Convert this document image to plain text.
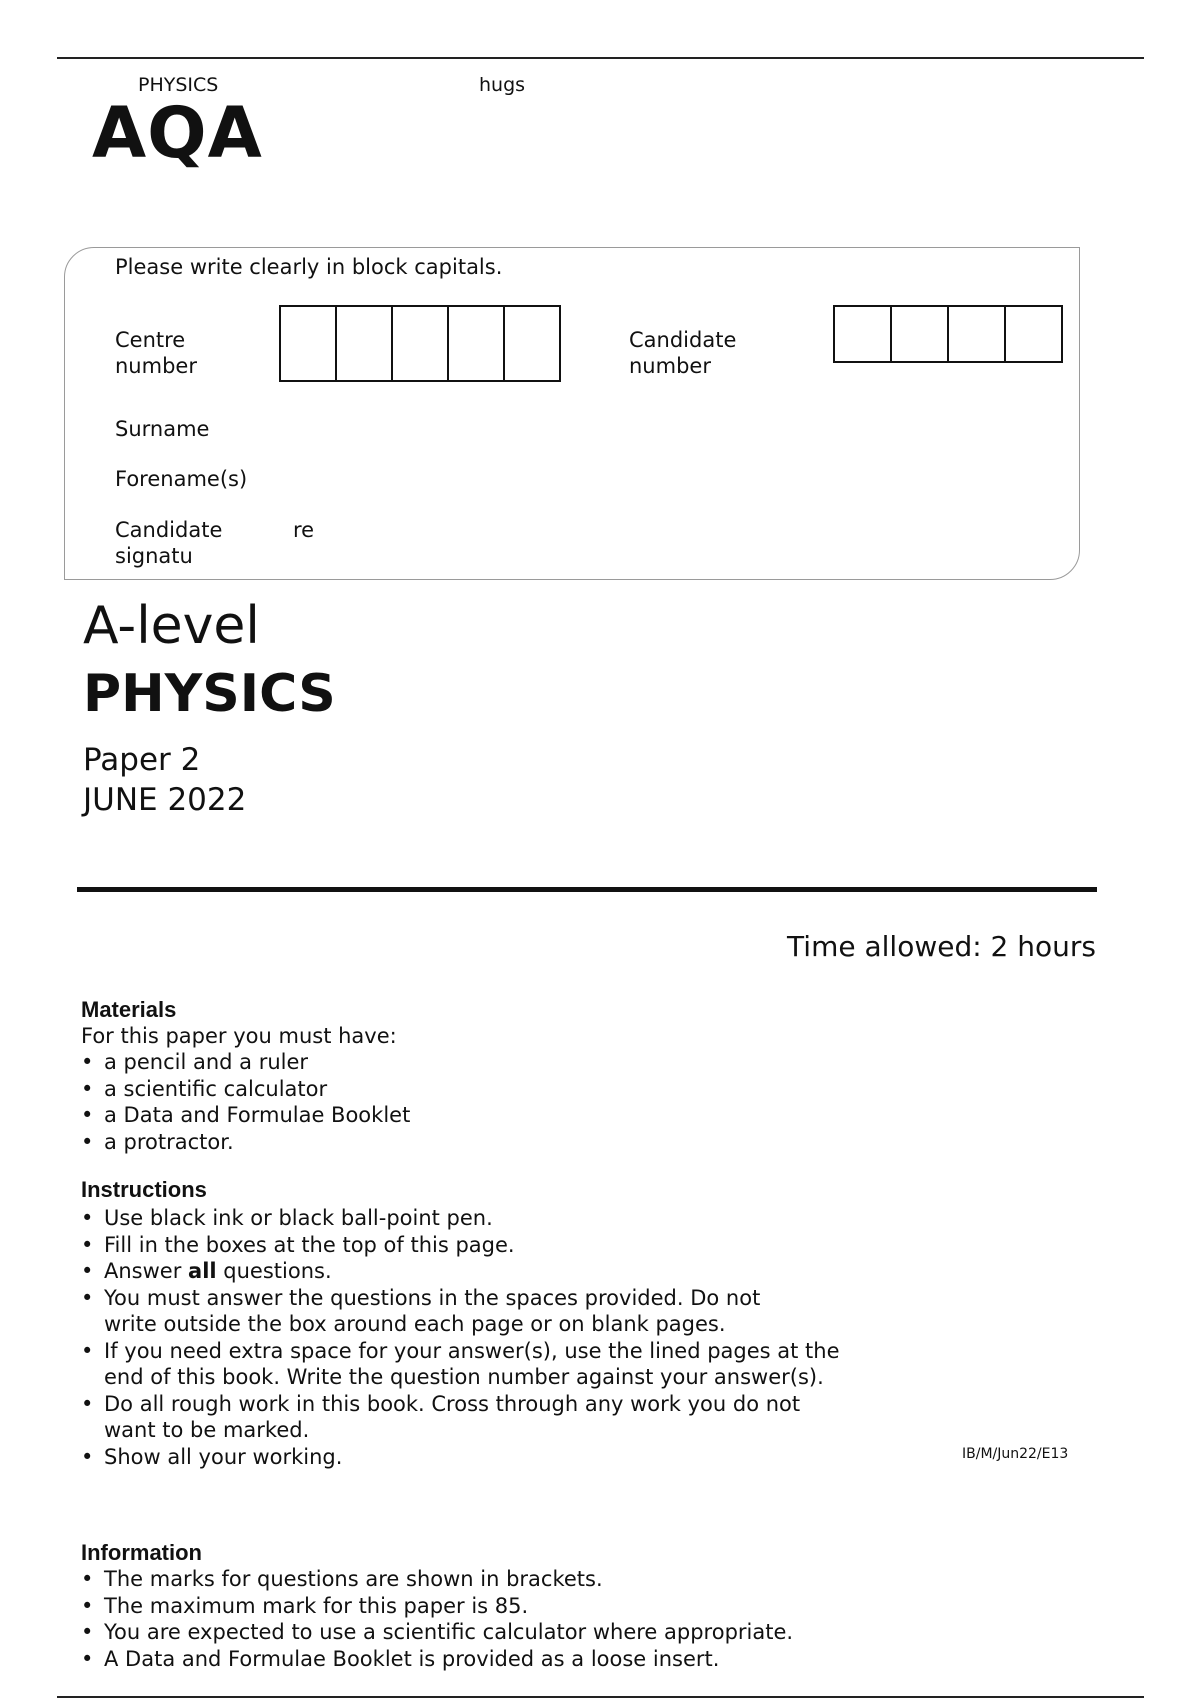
PHYSICS	hugs
AQA
Please write clearly in block capitals.
Centre number
Candidate number
Surname
Forename(s)
Candidate signatu
re
A-level
PHYSICS
Paper 2
JUNE 2022
Time allowed: 2 hours
Materials
For this paper you must have:
• a pencil and a ruler
• a scientific calculator
• a Data and Formulae Booklet
• a protractor.
Instructions
• Use black ink or black ball-point pen.
• Fill in the boxes at the top of this page.
• Answer all questions.
• You must answer the questions in the spaces provided. Do not write outside the box around each page or on blank pages.
• If you need extra space for your answer(s), use the lined pages at the end of this book. Write the question number against your answer(s).
• Do all rough work in this book. Cross through any work you do not want to be marked.
• Show all your working.	IB/M/Jun22/E13
Information
• The marks for questions are shown in brackets.
• The maximum mark for this paper is 85.
• You are expected to use a scientific calculator where appropriate.
• A Data and Formulae Booklet is provided as a loose insert.
